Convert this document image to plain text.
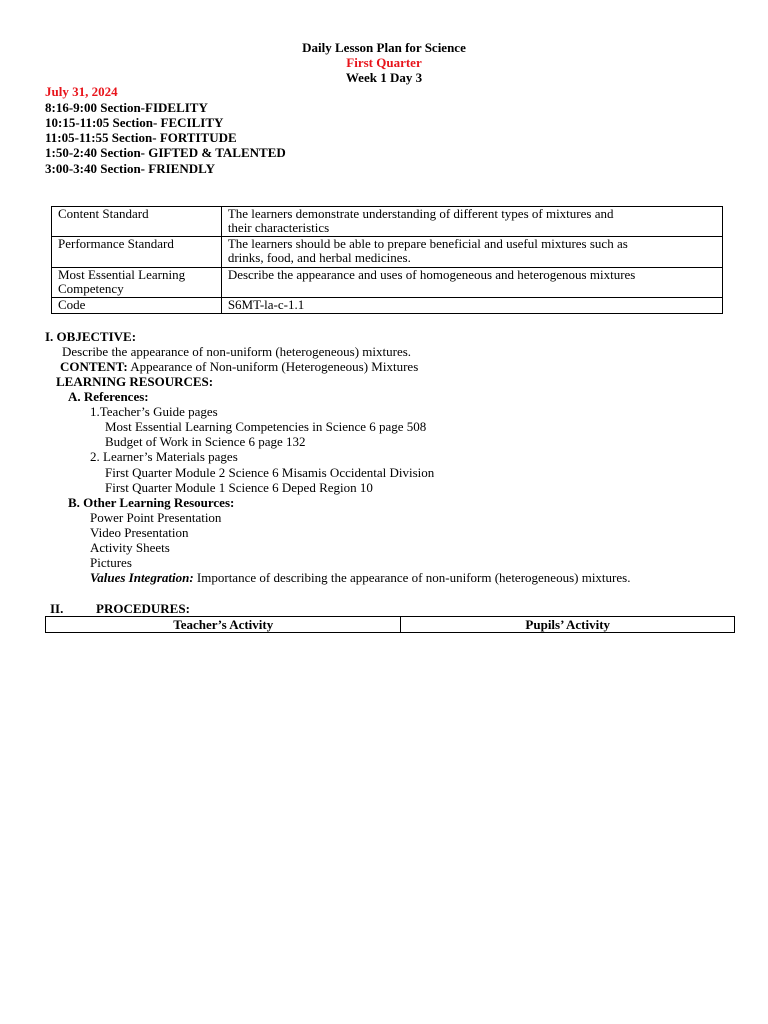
Daily Lesson Plan for Science
First Quarter
Week 1 Day 3
July 31, 2024
8:16-9:00 Section-FIDELITY
10:15-11:05 Section- FECILITY
11:05-11:55 Section- FORTITUDE
1:50-2:40 Section- GIFTED & TALENTED
3:00-3:40 Section- FRIENDLY
Content Standard	The learners demonstrate understanding of different types of mixtures and
their characteristics

Performance Standard	The learners should be able to prepare beneficial and useful mixtures such as
drinks, food, and herbal medicines.

Most Essential Learning
Competency	Describe the appearance and uses of homogeneous and heterogenous mixtures
Code	S6MT-la-c-1.1
I. OBJECTIVE:
Describe the appearance of non-uniform (heterogeneous) mixtures.
CONTENT: Appearance of Non-uniform (Heterogeneous) Mixtures
LEARNING RESOURCES:
A. References:
1.Teacher’s Guide pages
Most Essential Learning Competencies in Science 6 page 508
Budget of Work in Science 6 page 132
2. Learner’s Materials pages
First Quarter Module 2 Science 6 Misamis Occidental Division
First Quarter Module 1 Science 6 Deped Region 10
B. Other Learning Resources:
Power Point Presentation
Video Presentation
Activity Sheets
Pictures
Values Integration: Importance of describing the appearance of non-uniform (heterogeneous) mixtures.
II.	PROCEDURES:
Teacher’s Activity	Pupils’ Activity
